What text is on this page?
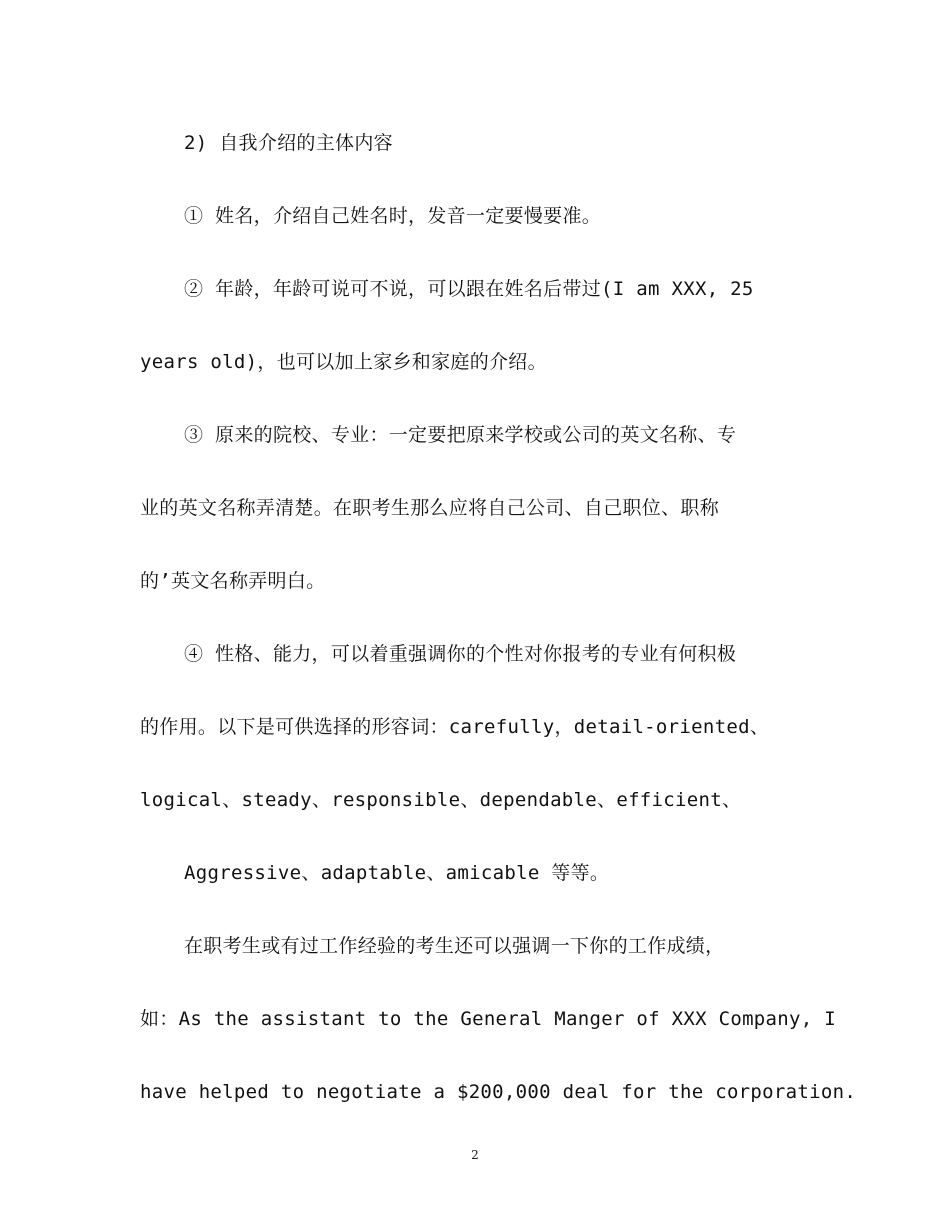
2) 自我介绍的主体内容

① 姓名，介绍自己姓名时，发音一定要慢要准。

② 年龄，年龄可说可不说，可以跟在姓名后带过(I am XXX, 25

years old)，也可以加上家乡和家庭的介绍。

③ 原来的院校、专业：一定要把原来学校或公司的英文名称、专

业的英文名称弄清楚。在职考生那么应将自己公司、自己职位、职称

的’英文名称弄明白。

④ 性格、能力，可以着重强调你的个性对你报考的专业有何积极

的作用。以下是可供选择的形容词：carefully，detail-oriented、

logical、steady、responsible、dependable、efficient、

Aggressive、adaptable、amicable 等等。

在职考生或有过工作经验的考生还可以强调一下你的工作成绩，

如：As the assistant to the General Manger of XXX Company, I

have helped to negotiate a $200,000 deal for the corporation.

2
